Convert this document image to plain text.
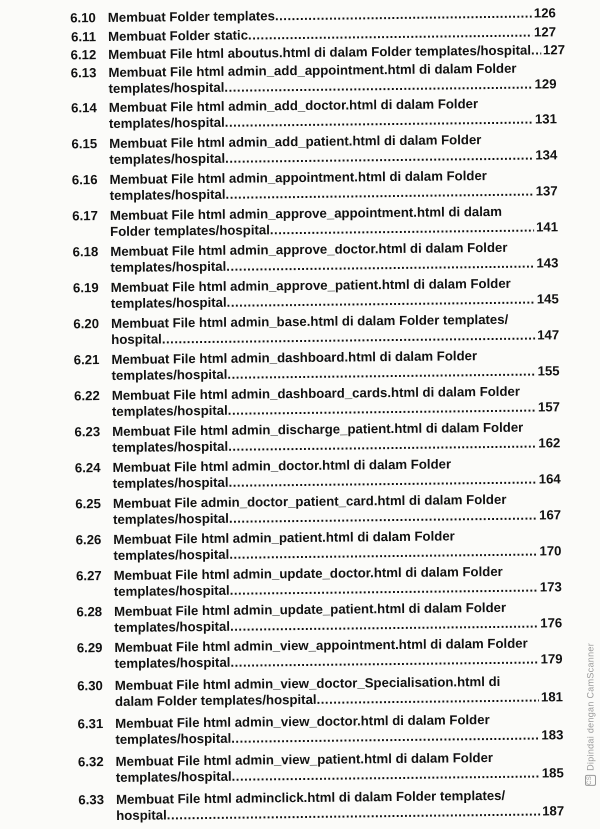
6.10 Membuat Folder templates .....	126
6.11 Membuat Folder static .....	127
6.12 Membuat File html aboutus.html di dalam Folder templates/hospital ..... 127
6.13 Membuat File html admin_add_appointment.html di dalam Folder
templates/hospital .....	129
6.14 Membuat File html admin_add_doctor.html di dalam Folder
templates/hospital .....	131
6.15 Membuat File html admin_add_patient.html di dalam Folder
templates/hospital .....	134
6.16 Membuat File html admin_appointment.html di dalam Folder
templates/hospital .....	137
6.17 Membuat File html admin_approve_appointment.html di dalam
Folder templates/hospital .....	141
6.18 Membuat File html admin_approve_doctor.html di dalam Folder
templates/hospital .....	143
6.19 Membuat File html admin_approve_patient.html di dalam Folder
templates/hospital .....	145
6.20 Membuat File html admin_base.html di dalam Folder templates/
hospital .....	147
6.21 Membuat File html admin_dashboard.html di dalam Folder
templates/hospital .....	155
6.22 Membuat File html admin_dashboard_cards.html di dalam Folder
templates/hospital .....	157
6.23 Membuat File html admin_discharge_patient.html di dalam Folder
templates/hospital .....	162
6.24 Membuat File html admin_doctor.html di dalam Folder
templates/hospital .....	164
6.25 Membuat File admin_doctor_patient_card.html di dalam Folder
templates/hospital .....	167
6.26 Membuat File html admin_patient.html di dalam Folder
templates/hospital .....	170
6.27 Membuat File html admin_update_doctor.html di dalam Folder
templates/hospital .....	173
6.28 Membuat File html admin_update_patient.html di dalam Folder
templates/hospital .....	176
6.29 Membuat File html admin_view_appointment.html di dalam Folder
templates/hospital .....	179
6.30 Membuat File html admin_view_doctor_Specialisation.html di
dalam Folder templates/hospital .....	181
6.31 Membuat File html admin_view_doctor.html di dalam Folder
templates/hospital .....	183
6.32 Membuat File html admin_view_patient.html di dalam Folder
templates/hospital .....	185
6.33 Membuat File html adminclick.html di dalam Folder templates/
hospital .....	187
CS
Dipindai dengan CamScanner
